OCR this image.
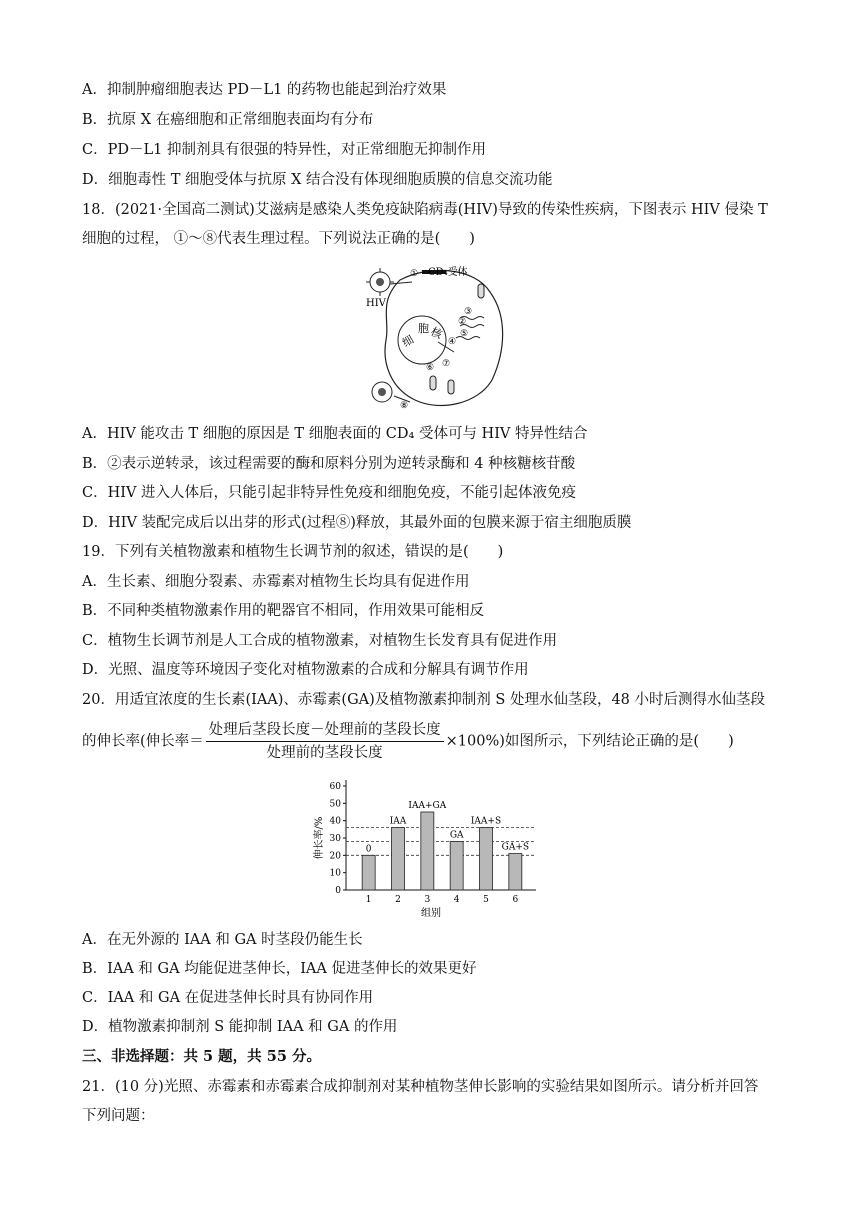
A．抑制肿瘤细胞表达 PD－L1 的药物也能起到治疗效果
B．抗原 X 在癌细胞和正常细胞表面均有分布
C．PD－L1 抑制剂具有很强的特异性，对正常细胞无抑制作用
D．细胞毒性 T 细胞受体与抗原 X 结合没有体现细胞质膜的信息交流功能
18．(2021·全国高二测试)艾滋病是感染人类免疫缺陷病毒(HIV)导致的传染性疾病，下图表示 HIV 侵染 T
细胞的过程， ①～⑧代表生理过程。下列说法正确的是(　　)
细
胞 核
HIV
CD₄受体
①
②
③
④
⑤
⑥ ⑦
⑧
A．HIV 能攻击 T 细胞的原因是 T 细胞表面的 CD₄ 受体可与 HIV 特异性结合
B．②表示逆转录，该过程需要的酶和原料分别为逆转录酶和 4 种核糖核苷酸
C．HIV 进入人体后，只能引起非特异性免疫和细胞免疫，不能引起体液免疫
D．HIV 装配完成后以出芽的形式(过程⑧)释放，其最外面的包膜来源于宿主细胞质膜
19．下列有关植物激素和植物生长调节剂的叙述，错误的是(　　)
A．生长素、细胞分裂素、赤霉素对植物生长均具有促进作用
B．不同种类植物激素作用的靶器官不相同，作用效果可能相反
C．植物生长调节剂是人工合成的植物激素，对植物生长发育具有促进作用
D．光照、温度等环境因子变化对植物激素的合成和分解具有调节作用
20．用适宜浓度的生长素(IAA)、赤霉素(GA)及植物激素抑制剂 S 处理水仙茎段，48 小时后测得水仙茎段
的伸长率(伸长率＝ $\frac{\text{处理后茎段长度－处理前的茎段长度}}{\text{处理前的茎段长度}} \times 100\%$)如图所示，下列结论正确的是(　　)
伸长率/%
组别
0
10
20
30
40
50
60
0
1
IAA
2
IAA+GA
3
GA
4
IAA+S
5
GA+S
6
A．在无外源的 IAA 和 GA 时茎段仍能生长
B．IAA 和 GA 均能促进茎伸长，IAA 促进茎伸长的效果更好
C．IAA 和 GA 在促进茎伸长时具有协同作用
D．植物激素抑制剂 S 能抑制 IAA 和 GA 的作用
三、非选择题：共 5 题，共 55 分。
21．(10 分)光照、赤霉素和赤霉素合成抑制剂对某种植物茎伸长影响的实验结果如图所示。请分析并回答
下列问题：
